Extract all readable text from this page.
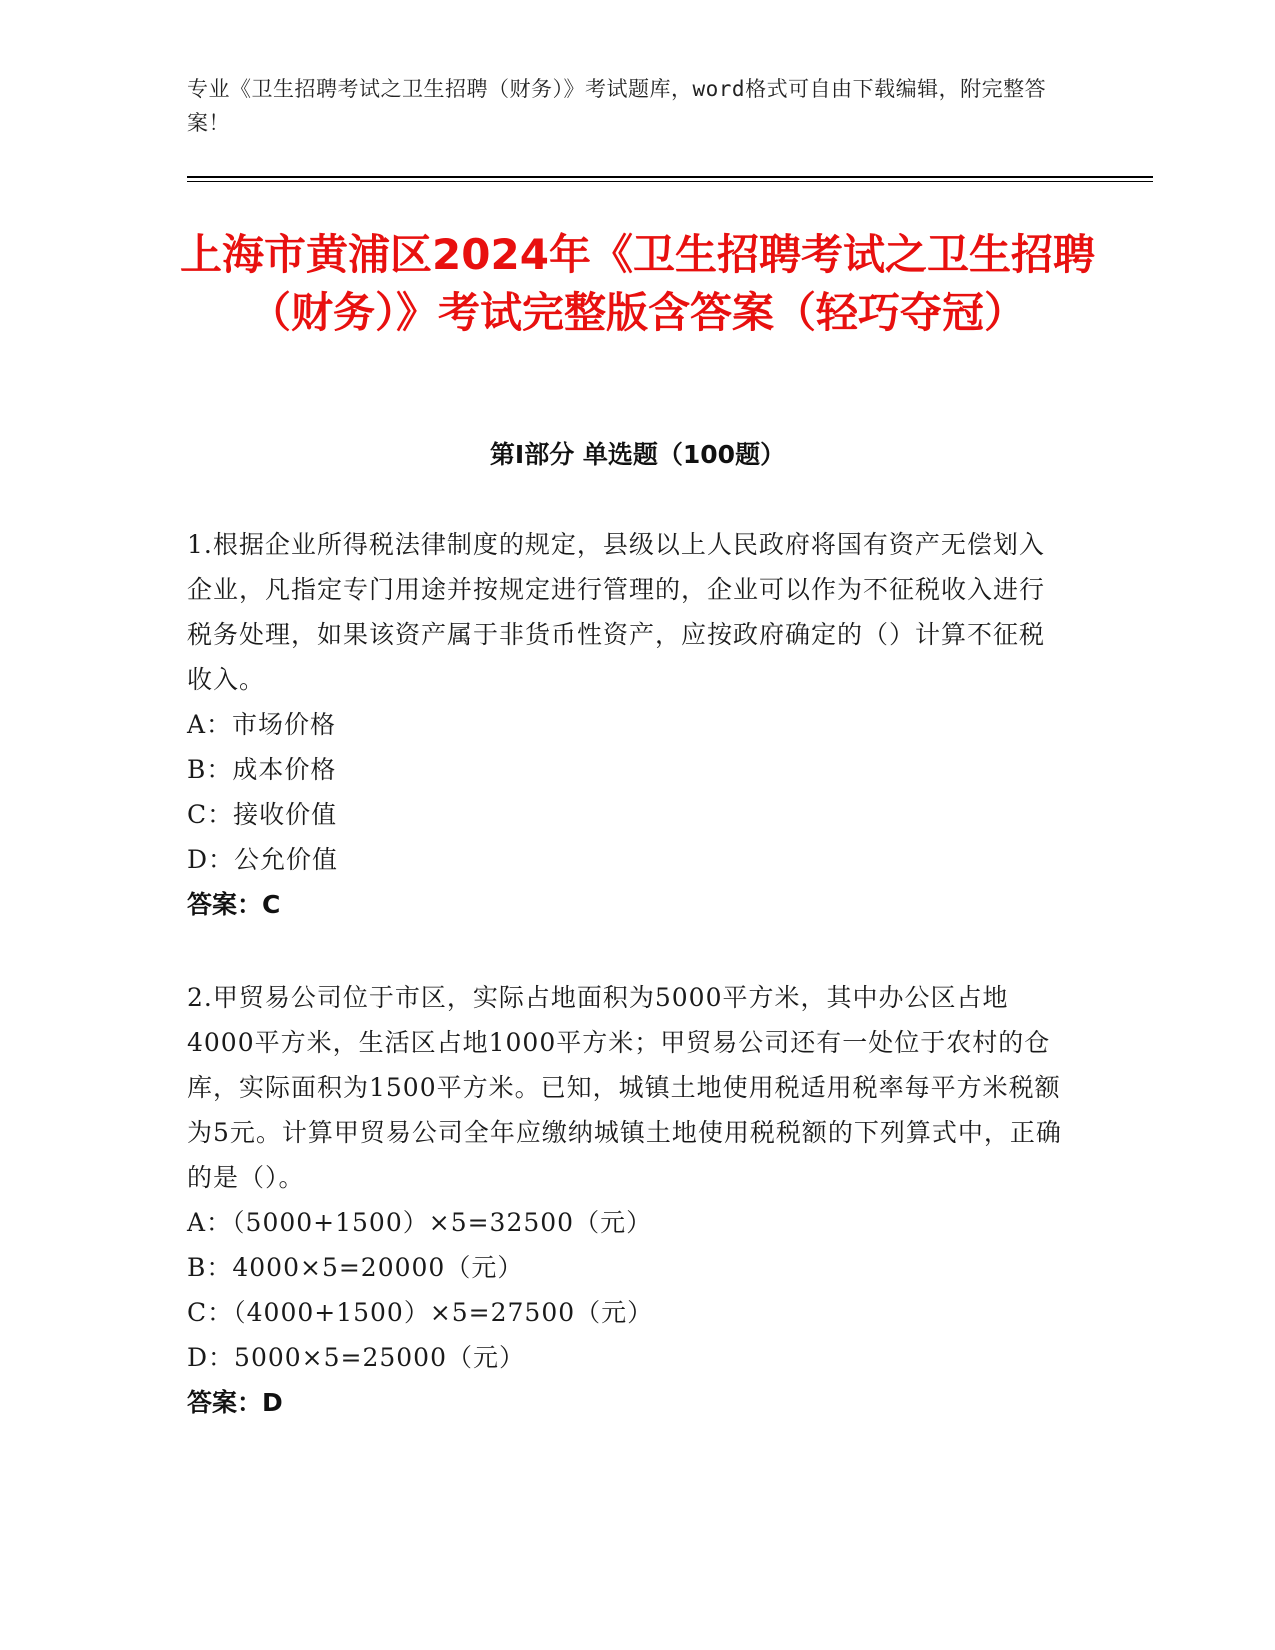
专业《卫生招聘考试之卫生招聘（财务）》考试题库，word格式可自由下载编辑，附完整答案！
上海市黄浦区2024年《卫生招聘考试之卫生招聘（财务）》考试完整版含答案（轻巧夺冠）
第Ⅰ部分 单选题（100题）
1.根据企业所得税法律制度的规定，县级以上人民政府将国有资产无偿划入企业，凡指定专门用途并按规定进行管理的，企业可以作为不征税收入进行税务处理，如果该资产属于非货币性资产，应按政府确定的（）计算不征税收入。
A：市场价格
B：成本价格
C：接收价值
D：公允价值
答案：C
2.甲贸易公司位于市区，实际占地面积为5000平方米，其中办公区占地4000平方米，生活区占地1000平方米；甲贸易公司还有一处位于农村的仓库，实际面积为1500平方米。已知，城镇土地使用税适用税率每平方米税额为5元。计算甲贸易公司全年应缴纳城镇土地使用税税额的下列算式中，正确的是（）。
A：（5000+1500）×5=32500（元）
B：4000×5=20000（元）
C：（4000+1500）×5=27500（元）
D：5000×5=25000（元）
答案：D
